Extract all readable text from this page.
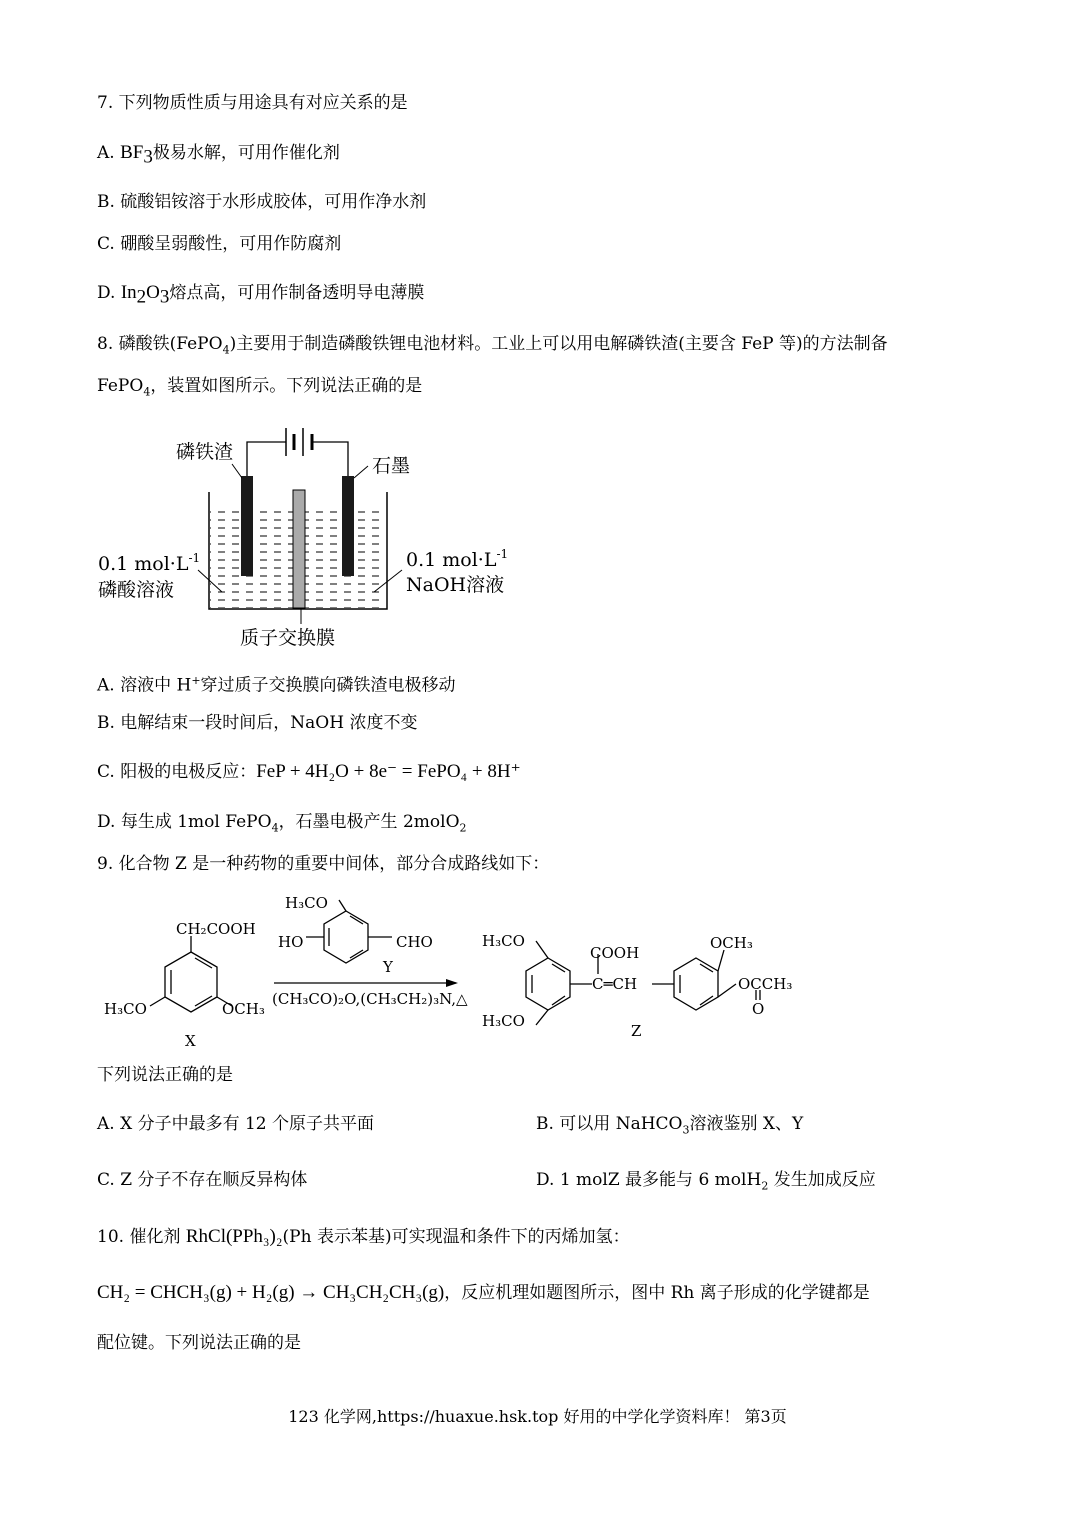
7. 下列物质性质与用途具有对应关系的是
A. $BF_3$极易水解，可用作催化剂
B. 硫酸铝铵溶于水形成胶体，可用作净水剂
C. 硼酸呈弱酸性，可用作防腐剂
D. $In_2O_3$熔点高，可用作制备透明导电薄膜
8. 磷酸铁(FePO$_4$)主要用于制造磷酸铁锂电池材料。工业上可以用电解磷铁渣(主要含 FeP 等)的方法制备
FePO$_4$，装置如图所示。下列说法正确的是
磷铁渣
石墨
0.1 $mol\cdot L^{-1}$
磷酸溶液
0.1 $mol\cdot L^{-1}$
NaOH溶液
质子交换膜
A. 溶液中 H+穿过质子交换膜向磷铁渣电极移动
B. 电解结束一段时间后，NaOH 浓度不变
C. 阳极的电极反应：FeP + 4H₂O + 8e⁻ = FePO₄ + 8H⁺
D. 每生成 1mol FePO$_4$，石墨电极产生 2molO$_2$
9. 化合物 Z 是一种药物的重要中间体，部分合成路线如下：
CH₂COOH
H₃CO	OCH₃
X
H₃CO
HO	CHO
Y
(CH₃CO)₂O,(CH₃CH₂)₃N,△
H₃CO
H₃CO
COOH
C═CH
OCH₃
OCCH₃
O
Z
下列说法正确的是
A. X 分子中最多有 12 个原子共平面	B. 可以用 NaHCO$_3$溶液鉴别 X、Y
C. Z 分子不存在顺反异构体	D. 1 molZ 最多能与 6 molH$_2$ 发生加成反应
10. 催化剂 RhCl(PPh₃)₂(Ph 表示苯基)可实现温和条件下的丙烯加氢：
CH₂ = CHCH₃(g) + H₂(g) → CH₃CH₂CH₃(g)，反应机理如题图所示，图中 Rh 离子形成的化学键都是
配位键。下列说法正确的是
123 化学网,https://huaxue.hsk.top 好用的中学化学资料库！ 第3页
